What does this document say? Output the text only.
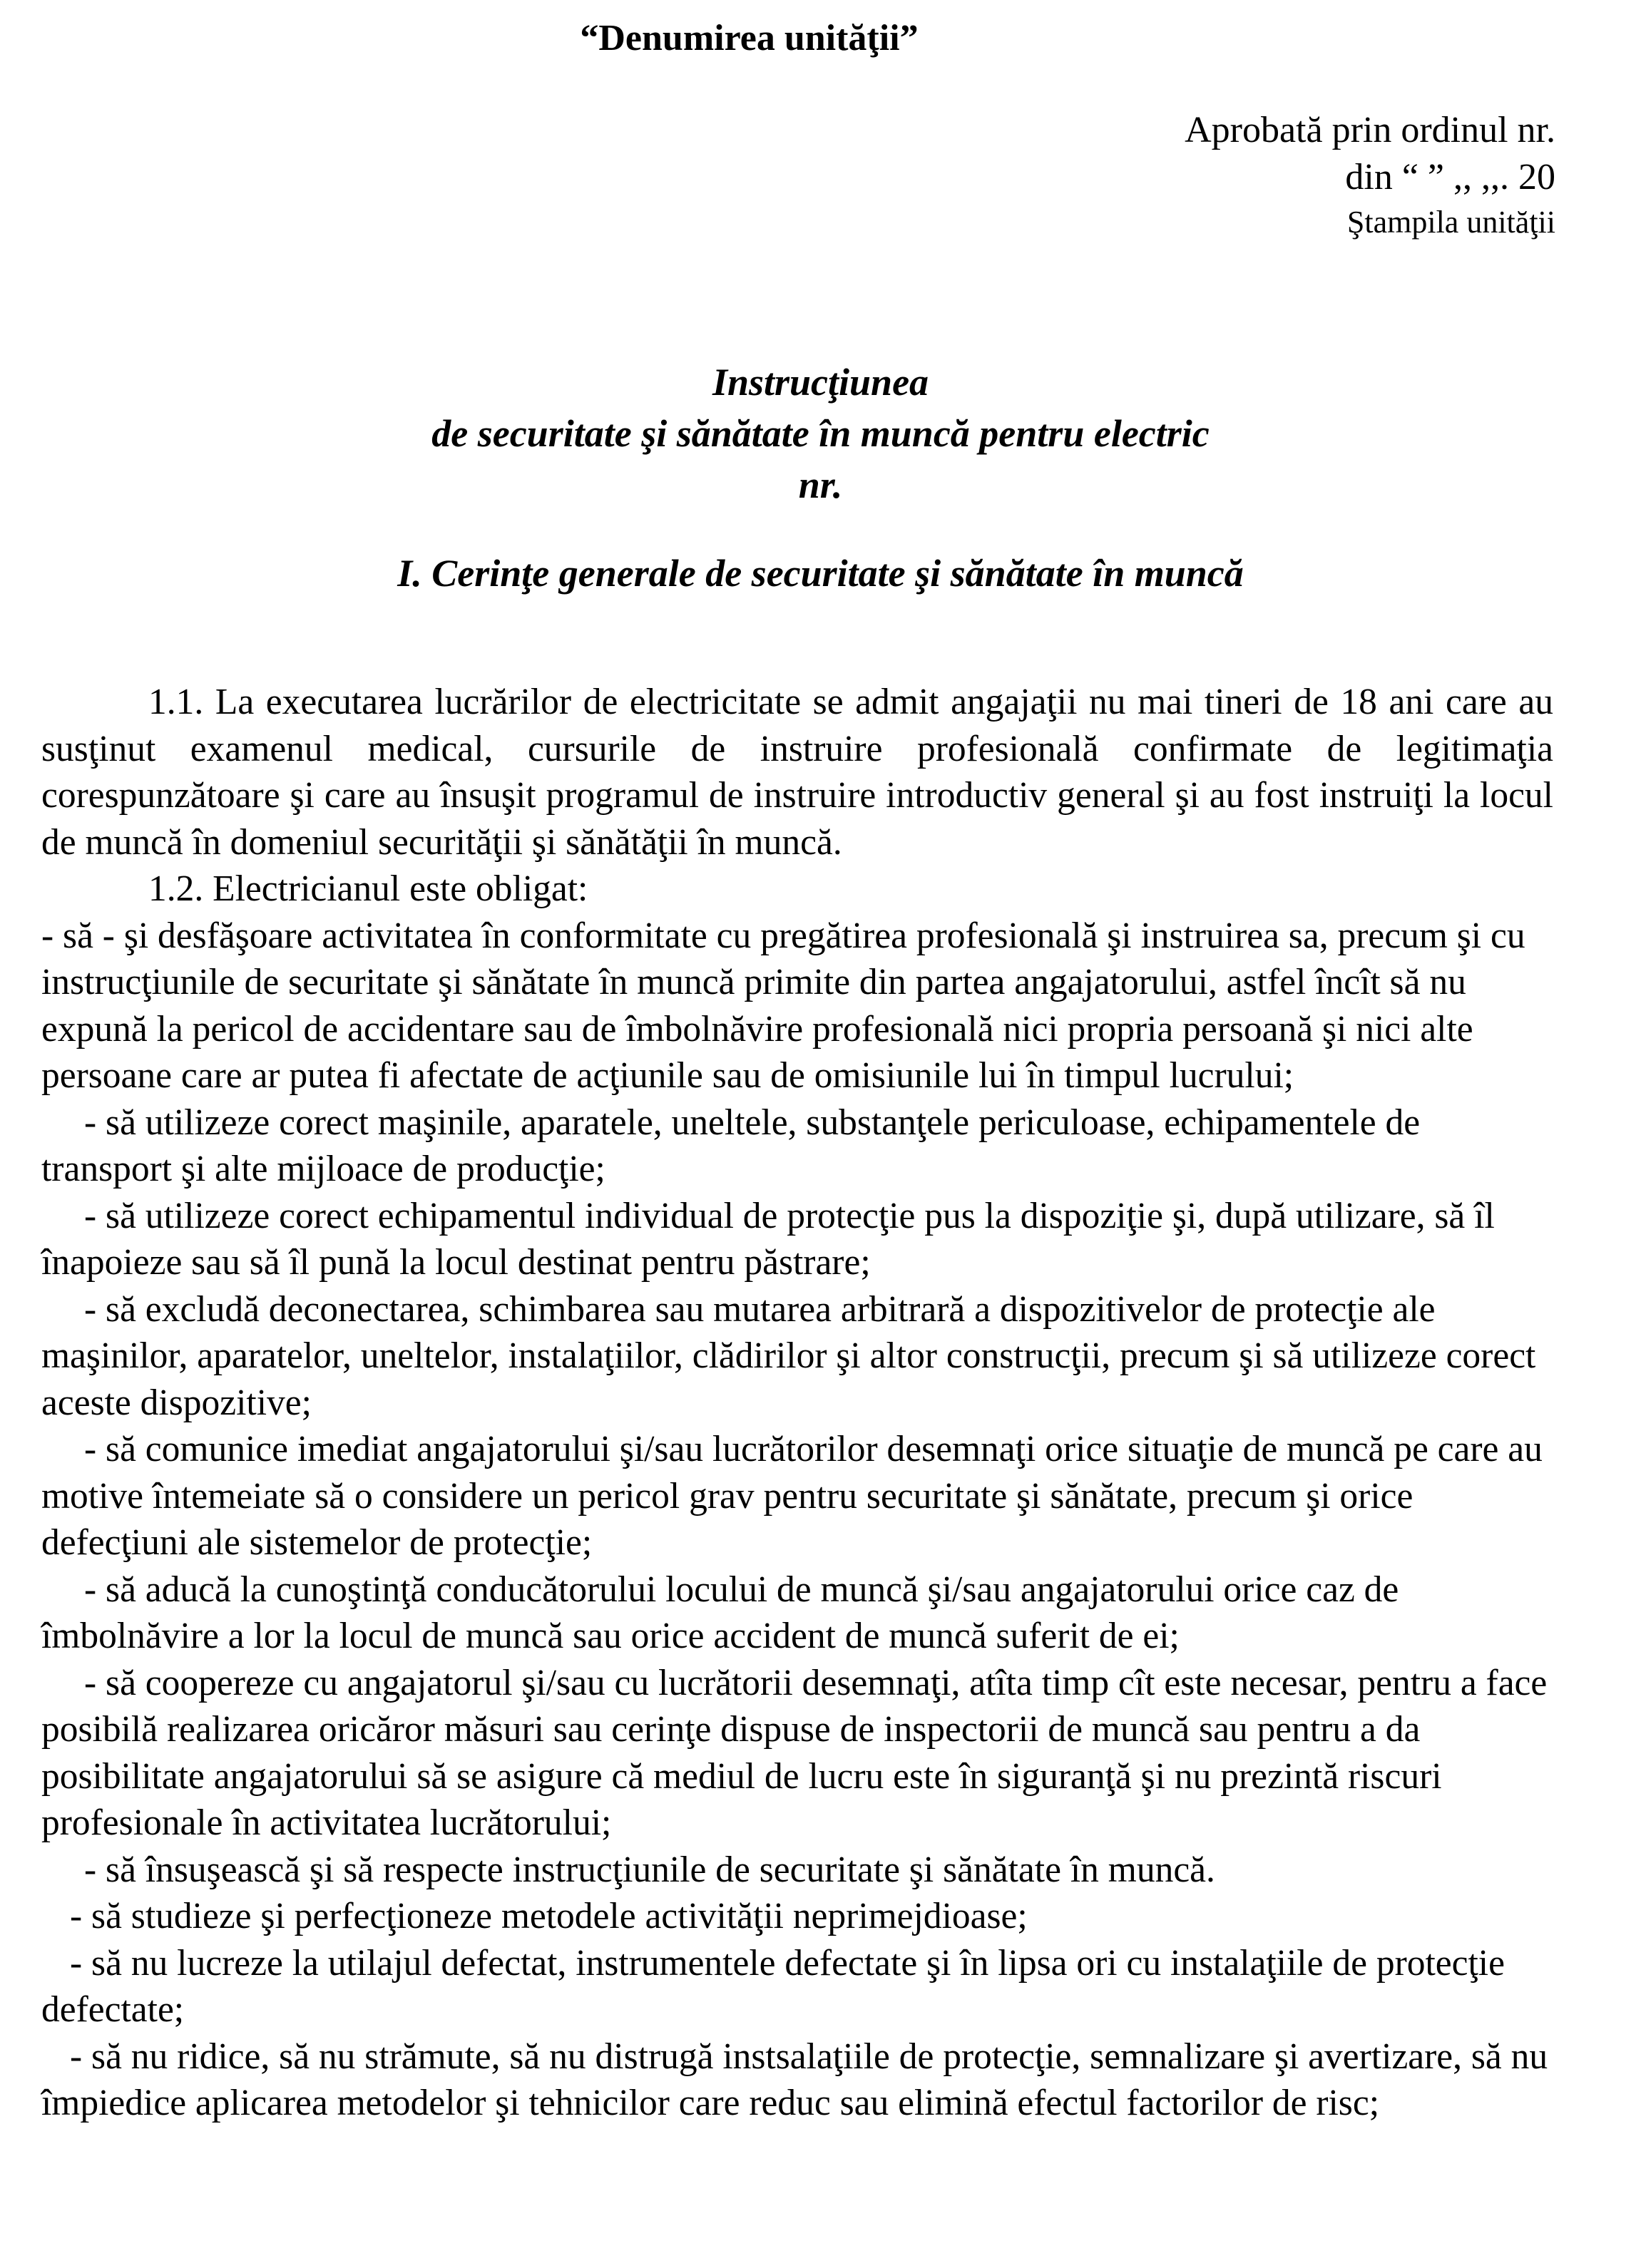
“Denumirea unităţii”
Aprobată prin ordinul nr.
din “ ” ,, ,,. 20
Ştampila unităţii
Instrucţiunea
de securitate şi sănătate în muncă pentru electric
nr.
I. Cerinţe generale de securitate şi sănătate în muncă

1.1. La executarea lucrărilor de electricitate se admit angajaţii nu mai tineri de 18 ani care au susţinut examenul medical, cursurile de instruire profesională confirmate de legitimaţia corespunzătoare şi care au însuşit programul de instruire introductiv general şi au fost instruiţi la locul de muncă în domeniul securităţii şi sănătăţii în muncă.

1.2. Electricianul este obligat:

- să - şi desfăşoare activitatea în conformitate cu pregătirea profesională şi instruirea sa, precum şi cu instrucţiunile de securitate şi sănătate în muncă primite din partea angajatorului, astfel încît să nu expună la pericol de accidentare sau de îmbolnăvire profesională nici propria persoană şi nici alte persoane care ar putea fi afectate de acţiunile sau de omisiunile lui în timpul lucrului;

- să utilizeze corect maşinile, aparatele, uneltele, substanţele periculoase, echipamentele de transport şi alte mijloace de producţie;

- să utilizeze corect echipamentul individual de protecţie pus la dispoziţie şi, după utilizare, să îl înapoieze sau să îl pună la locul destinat pentru păstrare;

- să excludă deconectarea, schimbarea sau mutarea arbitrară a dispozitivelor de protecţie ale maşinilor, aparatelor, uneltelor, instalaţiilor, clădirilor şi altor construcţii, precum şi să utilizeze corect aceste dispozitive;

- să comunice imediat angajatorului şi/sau lucrătorilor desemnaţi orice situaţie de muncă pe care au motive întemeiate să o considere un pericol grav pentru securitate şi sănătate, precum şi orice defecţiuni ale sistemelor de protecţie;

- să aducă la cunoştinţă conducătorului locului de muncă şi/sau angajatorului orice caz de îmbolnăvire a lor la locul de muncă sau orice accident de muncă suferit de ei;

- să coopereze cu angajatorul şi/sau cu lucrătorii desemnaţi, atîta timp cît este necesar, pentru a face posibilă realizarea oricăror măsuri sau cerinţe dispuse de inspectorii de muncă sau pentru a da posibilitate angajatorului să se asigure că mediul de lucru este în siguranţă şi nu prezintă riscuri profesionale în activitatea lucrătorului;

- să însuşească şi să respecte instrucţiunile de securitate şi sănătate în muncă.

- să studieze şi perfecţioneze metodele activităţii neprimejdioase;

- să nu lucreze la utilajul defectat, instrumentele defectate şi în lipsa ori cu instalaţiile de protecţie defectate;

- să nu ridice, să nu strămute, să nu distrugă instsalaţiile de protecţie, semnalizare şi avertizare, să nu împiedice aplicarea metodelor şi tehnicilor care reduc sau elimină efectul factorilor de risc;
